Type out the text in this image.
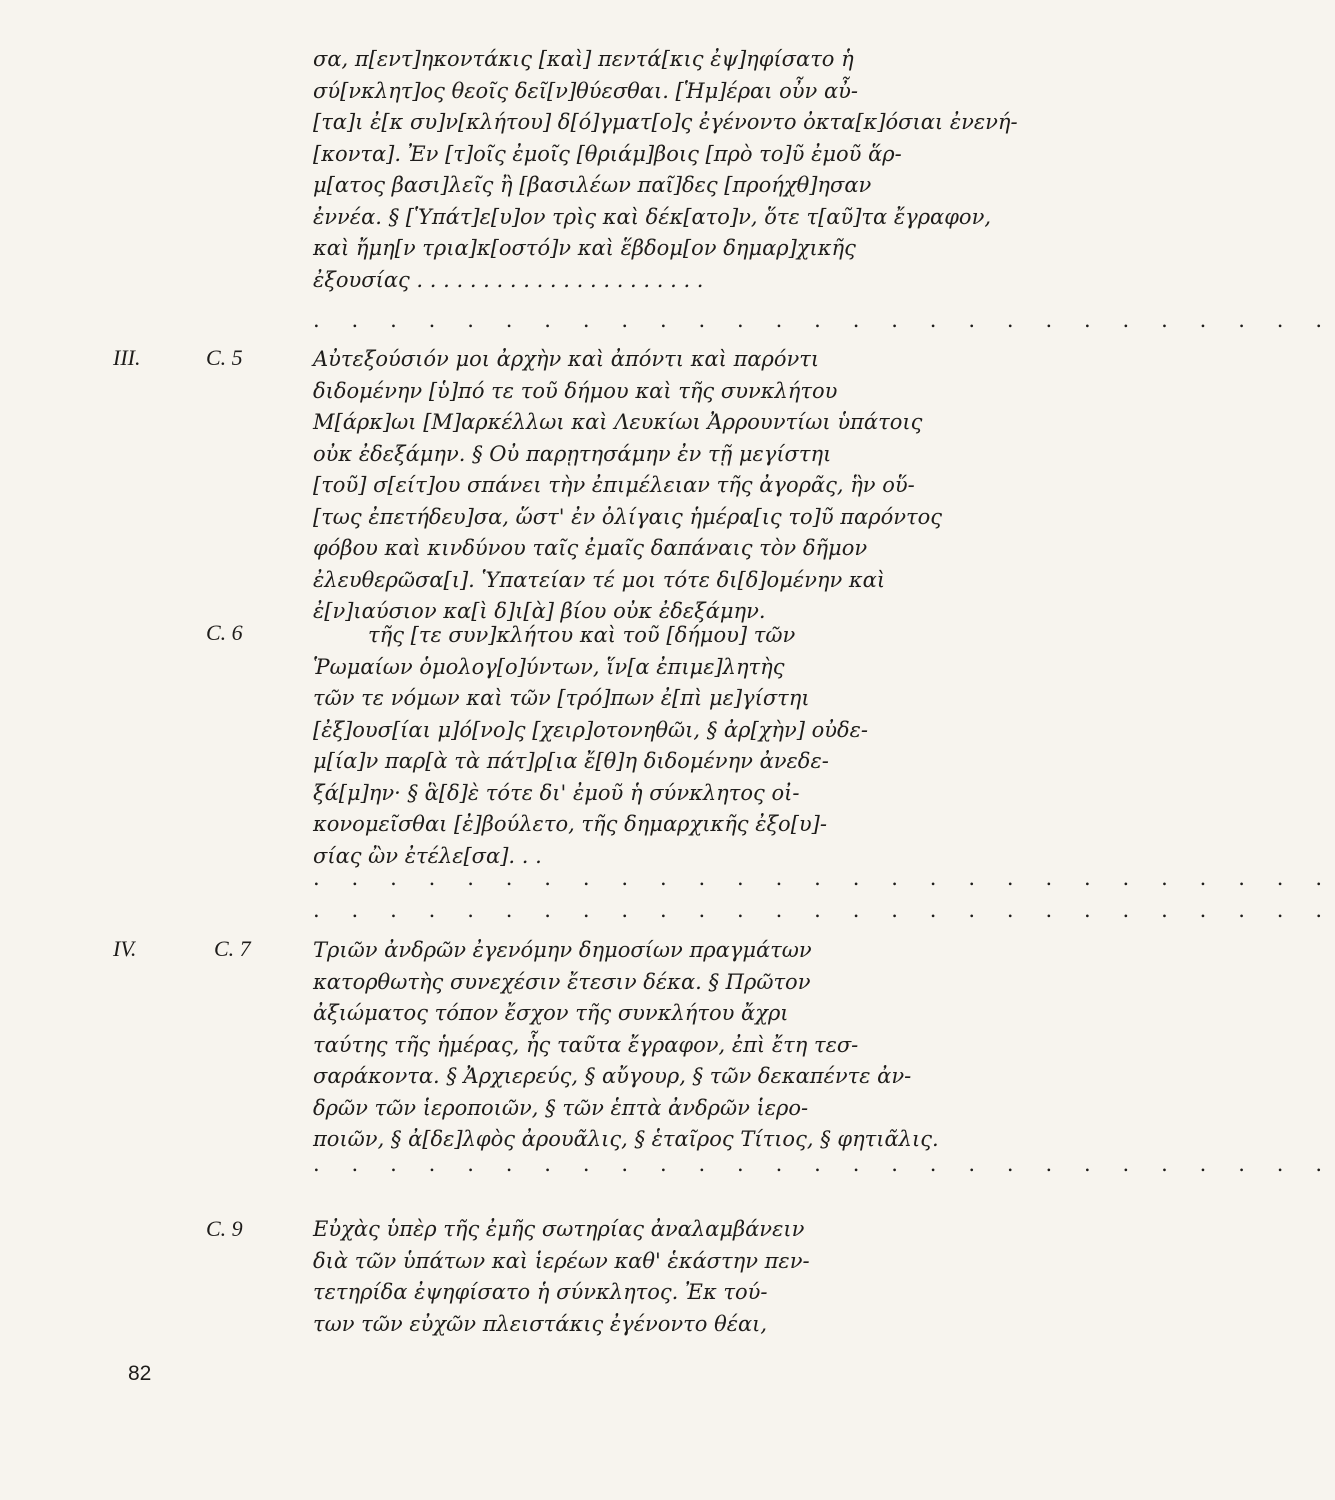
σα, π[εντ]ηκοντάκις [καὶ] πεντά[κις ἐψ]ηφίσατο ἡ
σύ[νκλητ]ος θεοῖς δεῖ[ν]θύεσθαι. [Ἡμ]έραι οὖν αὖ-
[τα]ι ἐ[κ συ]ν[κλήτου] δ[ό]γματ[ο]ς ἐγένοντο ὀκτα[κ]όσιαι ἐνενή-
[κοντα]. Ἐν [τ]οῖς ἐμοῖς [θριάμ]βοις [πρὸ το]ῦ ἐμοῦ ἅρ-
μ[ατος βασι]λεῖς ἢ [βασιλέων παῖ]δες [προήχθ]ησαν
ἐννέα. § [Ὑπάτ]ε[υ]ον τρὶς καὶ δέκ[ατο]ν, ὅτε τ[αῦ]τα ἔγραφον,
καὶ ἤμη[ν τρια]κ[οστό]ν καὶ ἕβδομ[ον δημαρ]χικῆς
ἐξουσίας . . . . . . . . . . . . . . . . . . . . . .
. . . . . . . . . . . . . . . . . . . . . . . . . . .
III.	C. 5	Αὐτεξούσιόν μοι ἀρχὴν καὶ ἀπόντι καὶ παρόντι
διδομένην [ὑ]πό τε τοῦ δήμου καὶ τῆς συνκλήτου
Μ[άρκ]ωι [Μ]αρκέλλωι καὶ Λευκίωι Ἀρρουντίωι ὑπάτοις
οὐκ ἐδεξάμην. § Οὐ παρῃτησάμην ἐν τῇ μεγίστηι
[τοῦ] σ[είτ]ου σπάνει τὴν ἐπιμέλειαν τῆς ἀγορᾶς, ἣν οὕ-
[τως ἐπετήδευ]σα, ὥστ' ἐν ὀλίγαις ἡμέρα[ις το]ῦ παρόντος
φόβου καὶ κινδύνου ταῖς ἐμαῖς δαπάναις τὸν δῆμον
ἐλευθερῶσα[ι]. Ὑπατείαν τέ μοι τότε δι[δ]ομένην καὶ
ἐ[ν]ιαύσιον κα[ὶ δ]ι[ὰ] βίου οὐκ ἐδεξάμην.
C. 6	τῆς [τε συν]κλήτου καὶ τοῦ [δήμου] τῶν
Ῥωμαίων ὁμολογ[ο]ύντων, ἵν[α ἐπιμε]λητὴς
τῶν τε νόμων καὶ τῶν [τρό]πων ἐ[πὶ με]γίστηι
[ἐξ]ουσ[ίαι μ]ό[νο]ς [χειρ]οτονηθῶι, § ἀρ[χὴν] οὐδε-
μ[ία]ν παρ[ὰ τὰ πάτ]ρ[ια ἔ[θ]η διδομένην ἀνεδε-
ξά[μ]ην· § ἃ[δ]ὲ τότε δι' ἐμοῦ ἡ σύνκλητος οἰ-
κονομεῖσθαι [ἐ]βούλετο, τῆς δημαρχικῆς ἐξο[υ]-
σίας ὢν ἐτέλε[σα]. . .
. . . . . . . . . . . . . . . . . . . . . . . . . . .
. . . . . . . . . . . . . . . . . . . . . . . . . . .
IV.	C. 7	Τριῶν ἀνδρῶν ἐγενόμην δημοσίων πραγμάτων
κατορθωτὴς συνεχέσιν ἔτεσιν δέκα. § Πρῶτον
ἀξιώματος τόπον ἔσχον τῆς συνκλήτου ἄχρι
ταύτης τῆς ἡμέρας, ἧς ταῦτα ἔγραφον, ἐπὶ ἔτη τεσ-
σαράκοντα. § Ἀρχιερεύς, § αὔγουρ, § τῶν δεκαπέντε ἀν-
δρῶν τῶν ἱεροποιῶν, § τῶν ἑπτὰ ἀνδρῶν ἱερο-
ποιῶν, § ἀ[δε]λφὸς ἀρουᾶλις, § ἑταῖρος Τίτιος, § φητιᾶλις.
. . . . . . . . . . . . . . . . . . . . . . . . . . .
C. 9	Εὐχὰς ὑπὲρ τῆς ἐμῆς σωτηρίας ἀναλαμβάνειν
διὰ τῶν ὑπάτων καὶ ἱερέων καθ' ἑκάστην πεν-
τετηρίδα ἐψηφίσατο ἡ σύνκλητος. Ἐκ τού-
των τῶν εὐχῶν πλειστάκις ἐγένοντο θέαι,
82
